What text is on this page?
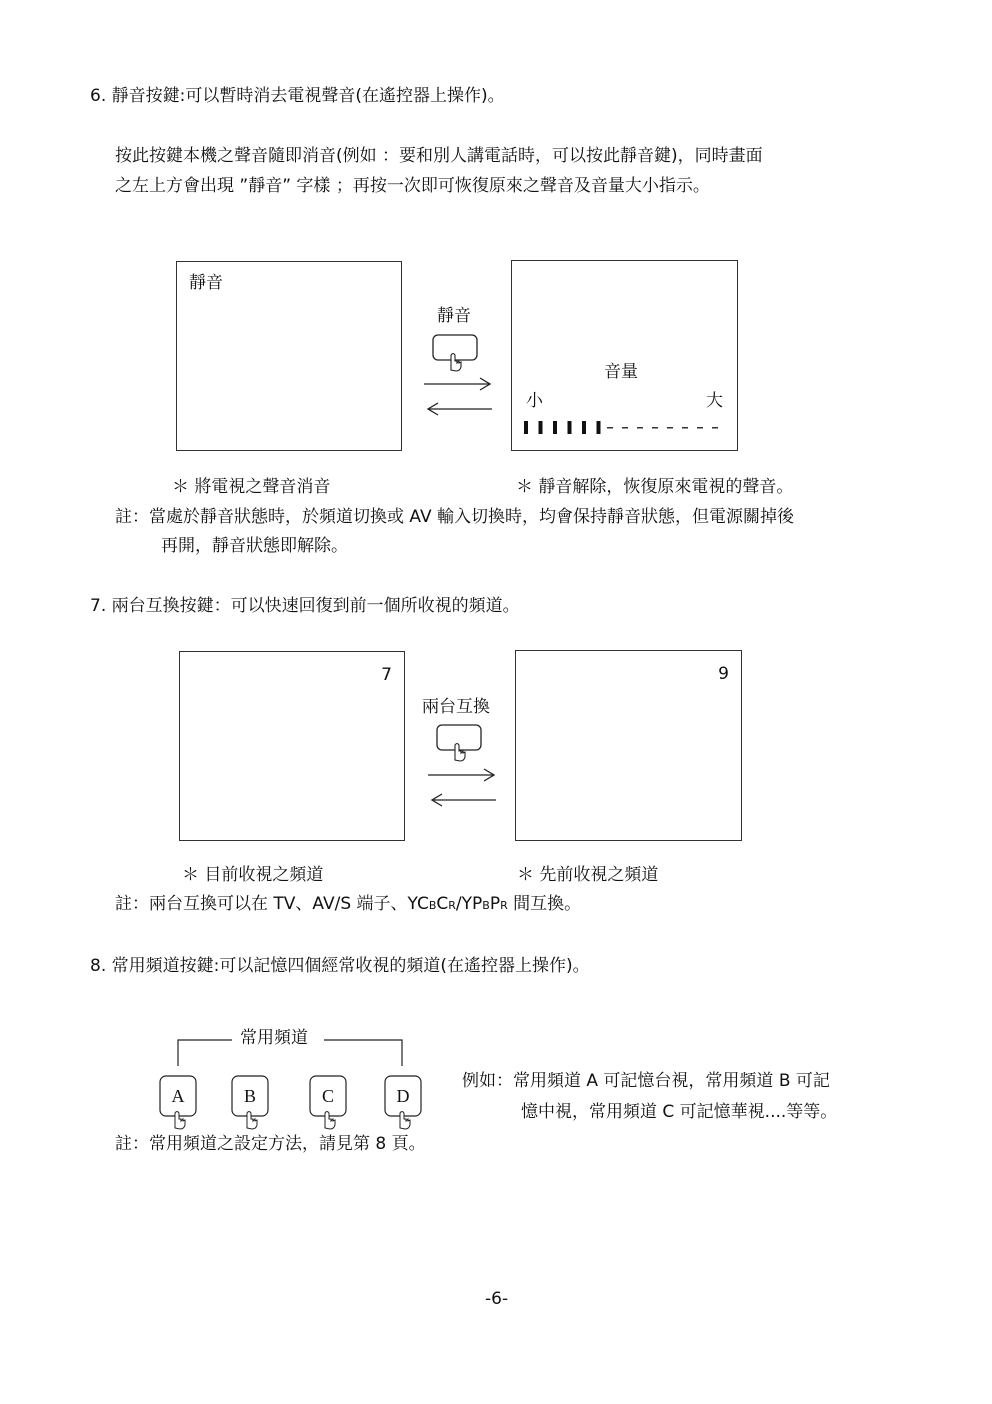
6. 靜音按鍵:可以暫時消去電視聲音(在遙控器上操作)。
按此按鍵本機之聲音隨即消音(例如 ：要和別人講電話時，可以按此靜音鍵)，同時畫面
之左上方會出現 ”靜音” 字樣 ；再按一次即可恢復原來之聲音及音量大小指示。
靜音
靜音
音量
小	大
＊ 將電視之聲音消音	＊ 靜音解除，恢復原來電視的聲音。
註：當處於靜音狀態時，於頻道切換或 AV 輸入切換時，均會保持靜音狀態，但電源關掉後
再開，靜音狀態即解除。
7. 兩台互換按鍵：可以快速回復到前一個所收視的頻道。
7
兩台互換
9
＊ 目前收視之頻道	＊ 先前收視之頻道
註：兩台互換可以在 TV、AV/S 端子、YCBCR/YPBPR 間互換。
8. 常用頻道按鍵:可以記憶四個經常收視的頻道(在遙控器上操作)。
常用頻道
A	B	C	D
例如：常用頻道 A 可記憶台視，常用頻道 B 可記
憶中視，常用頻道 C 可記憶華視....等等。
註：常用頻道之設定方法，請見第 8 頁。
-6-
